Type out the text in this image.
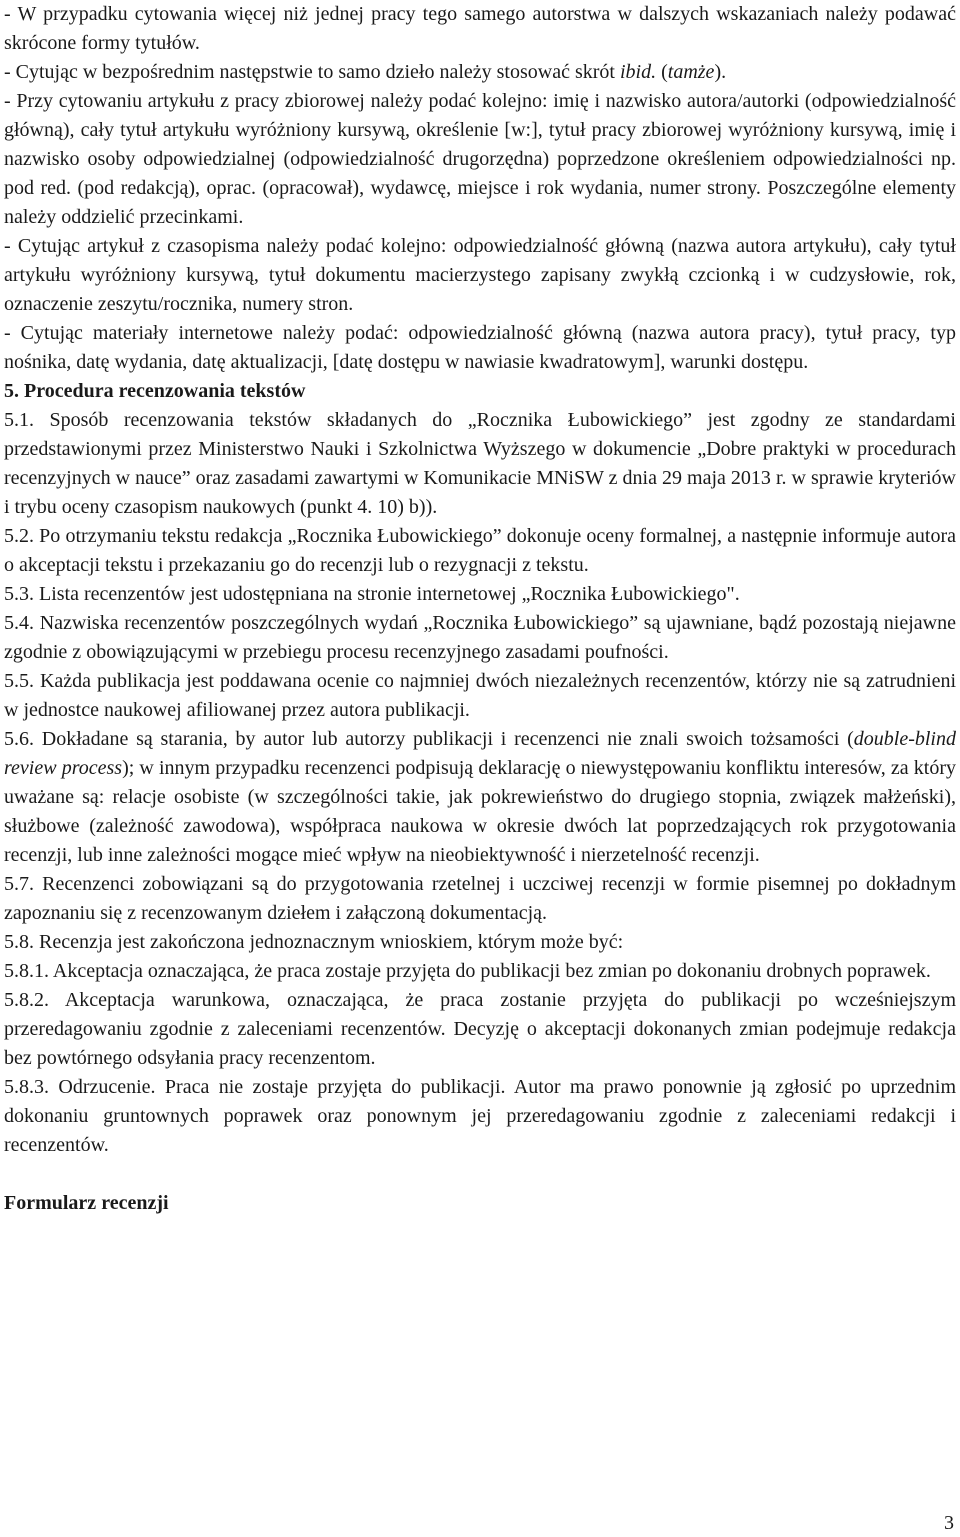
- W przypadku cytowania więcej niż jednej pracy tego samego autorstwa w dalszych wskazaniach należy podawać skrócone formy tytułów.

- Cytując w bezpośrednim następstwie to samo dzieło należy stosować skrót ibid. (tamże).

- Przy cytowaniu artykułu z pracy zbiorowej należy podać kolejno: imię i nazwisko autora/autorki (odpowiedzialność główną), cały tytuł artykułu wyróżniony kursywą, określenie [w:], tytuł pracy zbiorowej wyróżniony kursywą, imię i nazwisko osoby odpowiedzialnej (odpowiedzialność drugorzędna) poprzedzone określeniem odpowiedzialności np. pod red. (pod redakcją), oprac. (opracował), wydawcę, miejsce i rok wydania, numer strony. Poszczególne elementy należy oddzielić przecinkami.

- Cytując artykuł z czasopisma należy podać kolejno: odpowiedzialność główną (nazwa autora artykułu), cały tytuł artykułu wyróżniony kursywą, tytuł dokumentu macierzystego zapisany zwykłą czcionką i w cudzysłowie, rok, oznaczenie zeszytu/rocznika, numery stron.

- Cytując materiały internetowe należy podać: odpowiedzialność główną (nazwa autora pracy), tytuł pracy, typ nośnika, datę wydania, datę aktualizacji, [datę dostępu w nawiasie kwadratowym], warunki dostępu.

5. Procedura recenzowania tekstów

5.1. Sposób recenzowania tekstów składanych do „Rocznika Łubowickiego” jest zgodny ze standardami przedstawionymi przez Ministerstwo Nauki i Szkolnictwa Wyższego w dokumencie „Dobre praktyki w procedurach recenzyjnych w nauce” oraz zasadami zawartymi w Komunikacie MNiSW z dnia 29 maja 2013 r. w sprawie kryteriów i trybu oceny czasopism naukowych (punkt 4. 10) b)).

5.2. Po otrzymaniu tekstu redakcja „Rocznika Łubowickiego” dokonuje oceny formalnej, a następnie informuje autora o akceptacji tekstu i przekazaniu go do recenzji lub o rezygnacji z tekstu.

5.3. Lista recenzentów jest udostępniana na stronie internetowej „Rocznika Łubowickiego".

5.4. Nazwiska recenzentów poszczególnych wydań „Rocznika Łubowickiego” są ujawniane, bądź pozostają niejawne zgodnie z obowiązującymi w przebiegu procesu recenzyjnego zasadami poufności.

5.5. Każda publikacja jest poddawana ocenie co najmniej dwóch niezależnych recenzentów, którzy nie są zatrudnieni w jednostce naukowej afiliowanej przez autora publikacji.

5.6. Dokładane są starania, by autor lub autorzy publikacji i recenzenci nie znali swoich tożsamości (double-blind review process); w innym przypadku recenzenci podpisują deklarację o niewystępowaniu konfliktu interesów, za który uważane są: relacje osobiste (w szczególności takie, jak pokrewieństwo do drugiego stopnia, związek małżeński), służbowe (zależność zawodowa), współpraca naukowa w okresie dwóch lat poprzedzających rok przygotowania recenzji, lub inne zależności mogące mieć wpływ na nieobiektywność i nierzetelność recenzji.

5.7. Recenzenci zobowiązani są do przygotowania rzetelnej i uczciwej recenzji w formie pisemnej po dokładnym zapoznaniu się z recenzowanym dziełem i załączoną dokumentacją.

5.8. Recenzja jest zakończona jednoznacznym wnioskiem, którym może być:

5.8.1. Akceptacja oznaczająca, że praca zostaje przyjęta do publikacji bez zmian po dokonaniu drobnych poprawek.

5.8.2. Akceptacja warunkowa, oznaczająca, że praca zostanie przyjęta do publikacji po wcześniejszym przeredagowaniu zgodnie z zaleceniami recenzentów. Decyzję o akceptacji dokonanych zmian podejmuje redakcja bez powtórnego odsyłania pracy recenzentom.

5.8.3. Odrzucenie. Praca nie zostaje przyjęta do publikacji. Autor ma prawo ponownie ją zgłosić po uprzednim dokonaniu gruntownych poprawek oraz ponownym jej przeredagowaniu zgodnie z zaleceniami redakcji i recenzentów.

Formularz recenzji

3
